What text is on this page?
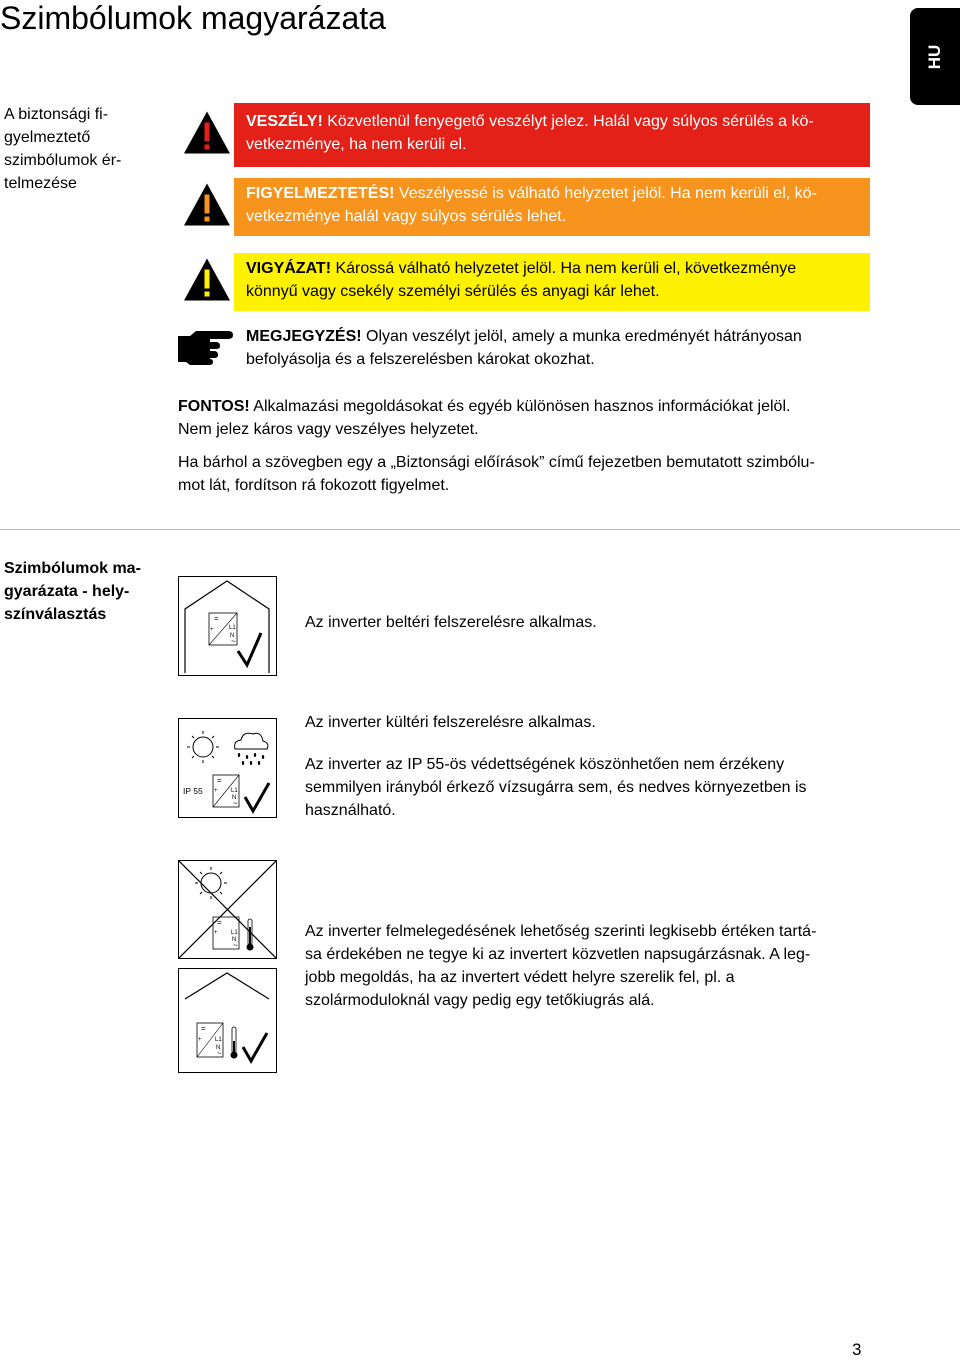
Szimbólumok magyarázata
HU
A biztonsági fi-
gyelmeztető
szimbólumok ér-
telmezése
VESZÉLY! Közvetlenül fenyegető veszélyt jelez. Halál vagy súlyos sérülés a kö-
vetkezménye, ha nem kerüli el.
FIGYELMEZTETÉS! Veszélyessé is válható helyzetet jelöl. Ha nem kerüli el, kö-
vetkezménye halál vagy súlyos sérülés lehet.
VIGYÁZAT! Károssá válható helyzetet jelöl. Ha nem kerüli el, következménye
könnyű vagy csekély személyi sérülés és anyagi kár lehet.
MEGJEGYZÉS! Olyan veszélyt jelöl, amely a munka eredményét hátrányosan
befolyásolja és a felszerelésben károkat okozhat.
FONTOS! Alkalmazási megoldásokat és egyéb különösen hasznos információkat jelöl.
Nem jelez káros vagy veszélyes helyzetet.
Ha bárhol a szövegben egy a „Biztonsági előírások” című fejezetben bemutatott szimbólu-
mot lát, fordítson rá fokozott figyelmet.
Szimbólumok ma-
gyarázata - hely-
színválasztás	=
+	L1
N
~
Az inverter beltéri felszerelésre alkalmas.
IP 55
=
+ L1
N
~
Az inverter kültéri felszerelésre alkalmas.
Az inverter az IP 55-ös védettségének köszönhetően nem érzékeny
semmilyen irányból érkező vízsugárra sem, és nedves környezetben is
használható.
=
+ L1
N
~
=
+ L1
N
~
Az inverter felmelegedésének lehetőség szerinti legkisebb értéken tartá-
sa érdekében ne tegye ki az invertert közvetlen napsugárzásnak. A leg-
jobb megoldás, ha az invertert védett helyre szerelik fel, pl. a
szolármoduloknál vagy pedig egy tetőkiugrás alá.
3
